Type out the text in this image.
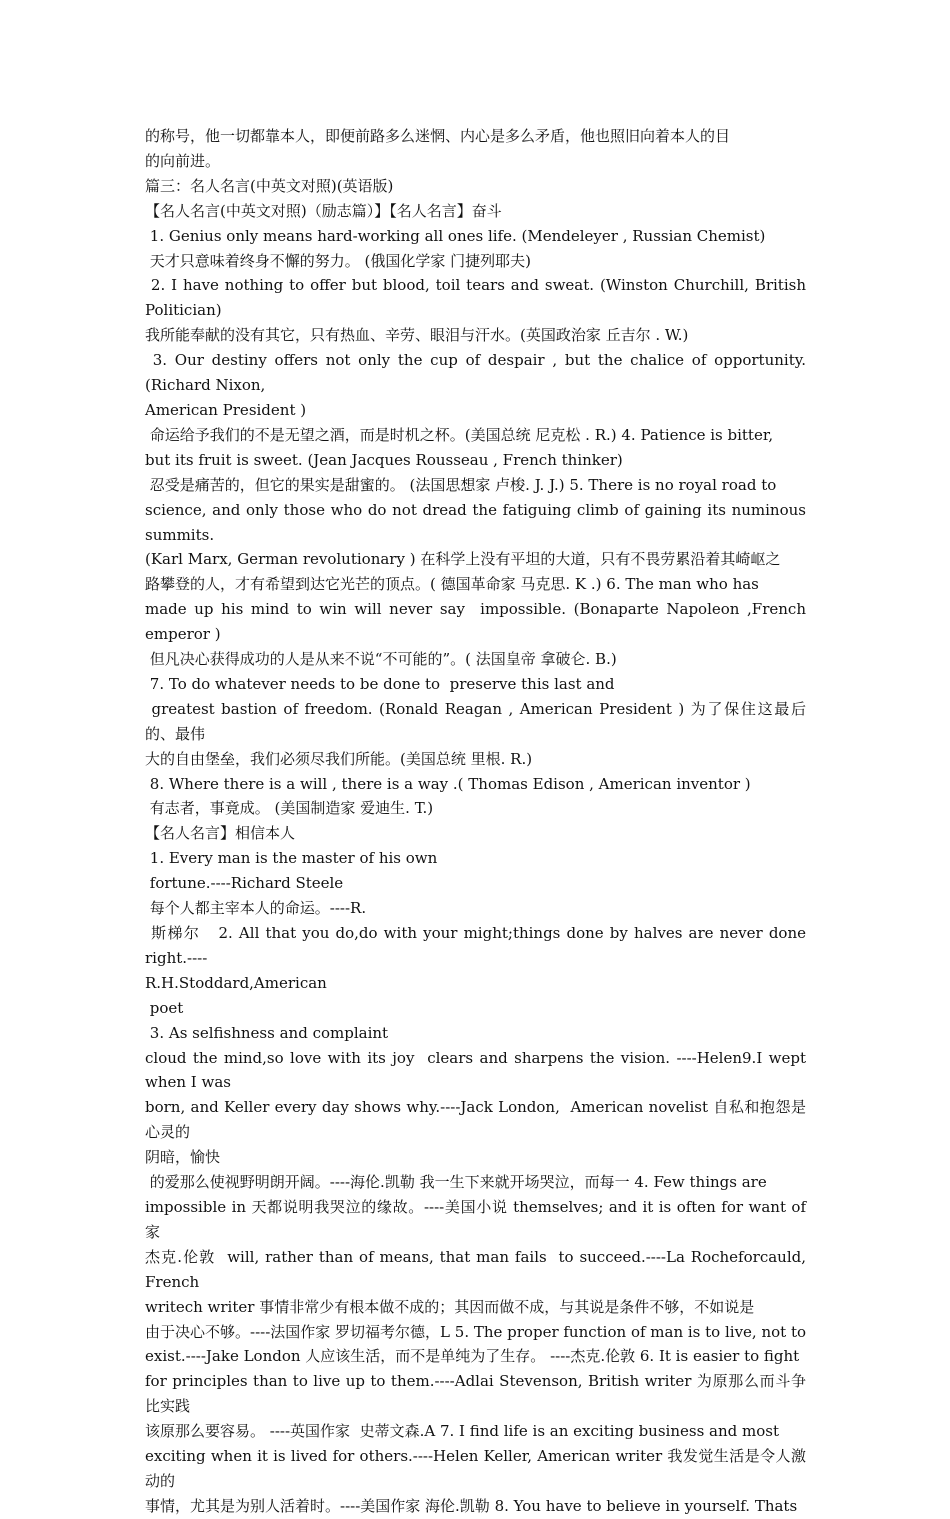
的称号，他一切都靠本人，即便前路多么迷惘、内心是多么矛盾，他也照旧向着本人的目
的向前进。
篇三：名人名言(中英文对照)(英语版)
【名人名言(中英文对照)（励志篇）】【名人名言】奋斗
1. Genius only means hard-working all ones life. (Mendeleyer , Russian Chemist)
天才只意味着终身不懈的努力。 (俄国化学家 门捷列耶夫)
2. I have nothing to offer but blood, toil tears and sweat. (Winston Churchill, British Politician)
我所能奉献的没有其它，只有热血、辛劳、眼泪与汗水。(英国政治家 丘吉尔 . W.)
3. Our destiny offers not only the cup of despair , but the chalice of opportunity.(Richard Nixon,
American President )
命运给予我们的不是无望之酒，而是时机之杯。(美国总统 尼克松 . R.) 4. Patience is bitter,
but its fruit is sweet. (Jean Jacques Rousseau , French thinker)
忍受是痛苦的，但它的果实是甜蜜的。 (法国思想家 卢梭. J. J.) 5. There is no royal road to
science, and only those who do not dread the fatiguing climb of gaining its numinous summits.
(Karl Marx, German revolutionary ) 在科学上没有平坦的大道，只有不畏劳累沿着其崎岖之
路攀登的人，才有希望到达它光芒的顶点。( 德国革命家 马克思. K .) 6. The man who has
made up his mind to win will never say  impossible. (Bonaparte Napoleon ,French emperor )
但凡决心获得成功的人是从来不说“不可能的”。( 法国皇帝 拿破仑. B.)
7. To do whatever needs to be done to  preserve this last and
greatest bastion of freedom. (Ronald Reagan , American President ) 为了保住这最后的、最伟
大的自由堡垒，我们必须尽我们所能。(美国总统 里根. R.)
8. Where there is a will , there is a way .( Thomas Edison , American inventor )
有志者，事竟成。 (美国制造家 爱迪生. T.)
【名人名言】相信本人
1. Every man is the master of his own
fortune.----Richard Steele
每个人都主宰本人的命运。----R.
斯梯尔   2. All that you do,do with your might;things done by halves are never done right.----
R.H.Stoddard,American
poet
3. As selfishness and complaint
cloud the mind,so love with its joy  clears and sharpens the vision. ----Helen9.I wept when I was
born, and Keller every day shows why.----Jack London,  American novelist 自私和抱怨是心灵的
阴暗，愉快
的爱那么使视野明朗开阔。----海伦.凯勒 我一生下来就开场哭泣，而每一 4. Few things are
impossible in 天都说明我哭泣的缘故。----美国小说 themselves; and it is often for want of 家
杰克.伦敦  will, rather than of means, that man fails  to succeed.----La Rocheforcauld, French
writech writer 事情非常少有根本做不成的；其因而做不成，与其说是条件不够，不如说是
由于决心不够。----法国作家 罗切福考尔德，L 5. The proper function of man is to live, not to
exist.----Jake London 人应该生活，而不是单纯为了生存。 ----杰克.伦敦 6. It is easier to fight
for principles than to live up to them.----Adlai Stevenson, British writer 为原那么而斗争比实践
该原那么要容易。 ----英国作家  史蒂文森.A 7. I find life is an exciting business and most
exciting when it is lived for others.----Helen Keller, American writer 我发觉生活是令人激动的
事情，尤其是为别人活着时。----美国作家 海伦.凯勒 8. You have to believe in yourself. Thats
